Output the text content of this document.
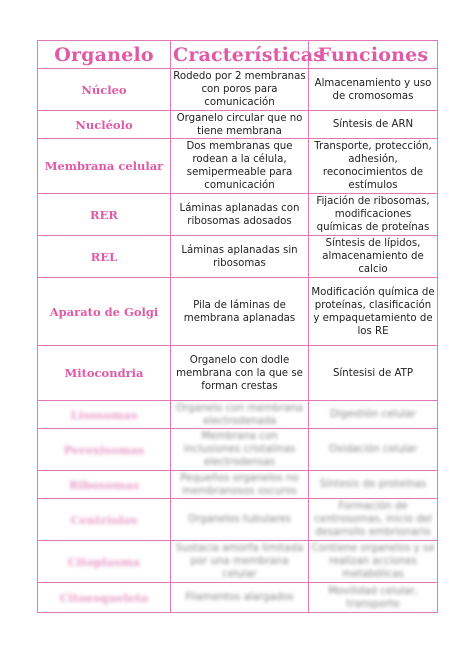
Organelo	Cracterísticas	Funciones
Núcleo	Rodedo por 2 membranas con poros para comunicación	Almacenamiento y uso de cromosomas
Nucléolo	Organelo circular que no tiene membrana	Síntesis de ARN
Membrana celular	Dos membranas que rodean a la célula, semipermeable para comunicación	Transporte, protección, adhesión, reconocimientos de estímulos
RER	Láminas aplanadas con ribosomas adosados	Fijación de ribosomas, modificaciones químicas de proteínas
REL	Láminas aplanadas sin ribosomas	Síntesis de lípidos, almacenamiento de calcio
Aparato de Golgi	Pila de láminas de membrana aplanadas	Modificación química de proteínas, clasificación y empaquetamiento de los RE
Mitocondria	Organelo con dodle membrana con la que se forman crestas	Síntesisi de ATP
Lisosomas	Organelo con membrana electrodenada	Digestión celular
Peroxisomas	Membrana con inclusiones cristalinas electrodensas	Oxidación celular
Ribosomas	Pequeños organelos no membranosos oscuros	Síntesis de proteínas
Centríolos	Organelos tubulares	Formación de centrosomas, inicio del desarrollo embrionario
Citoplasma	Sustacia amorfa limitada por una membrana celular	Contiene organelos y se realizan acciones metabólicas
Citoesqueleto	Filamentos alargados	Movilidad celular, transporte
